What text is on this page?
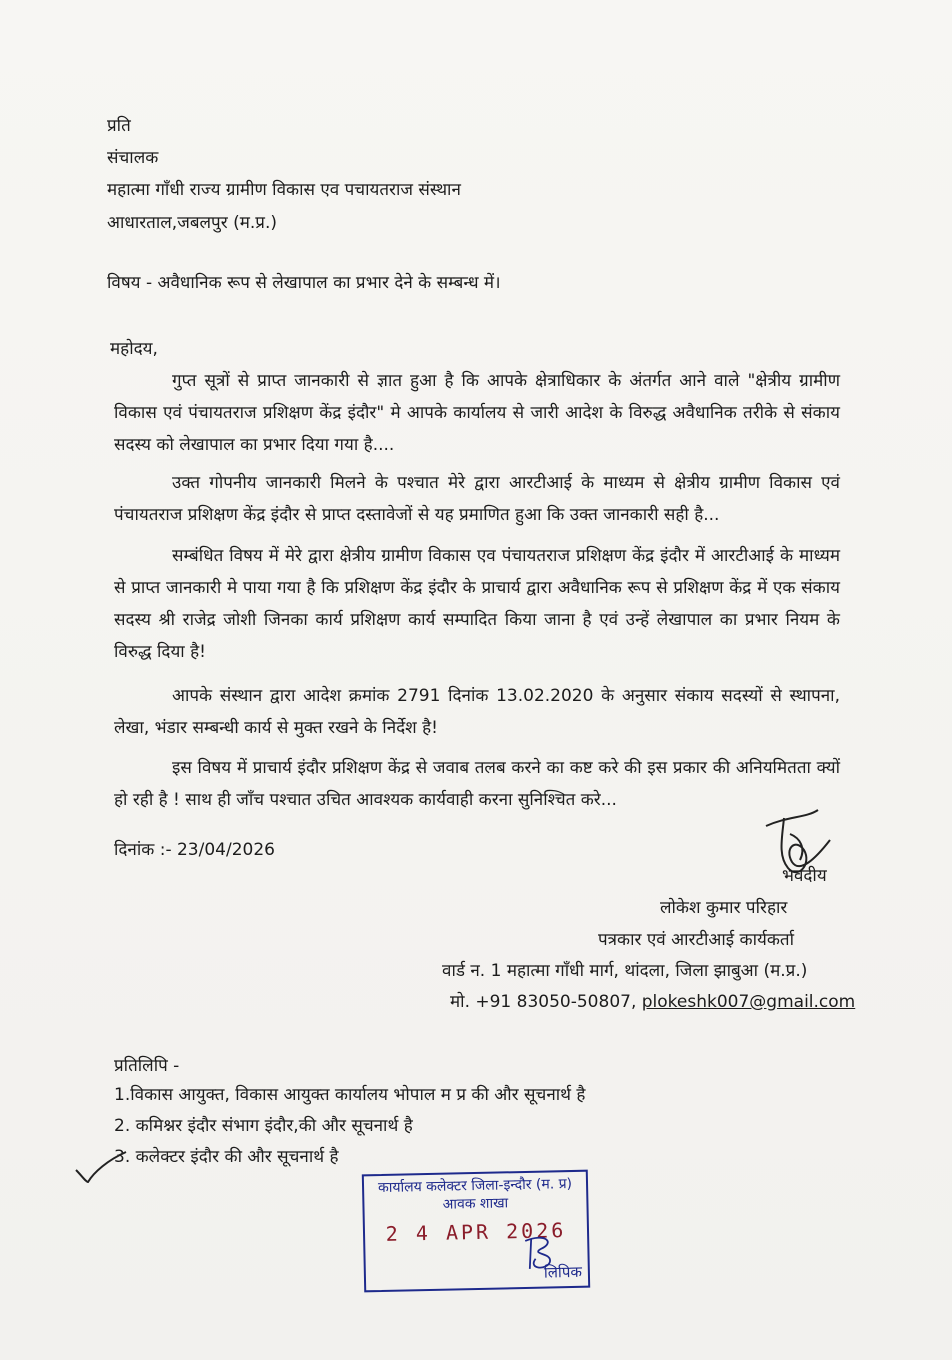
प्रति
संचालक
महात्मा गाँधी राज्य ग्रामीण विकास एव पचायतराज संस्थान
आधारताल,जबलपुर (म.प्र.)
विषय - अवैधानिक रूप से लेखापाल का प्रभार देने के सम्बन्ध में।
महोदय,
गुप्त सूत्रों से प्राप्त जानकारी से ज्ञात हुआ है कि आपके क्षेत्राधिकार के अंतर्गत आने वाले "क्षेत्रीय ग्रामीण विकास एवं पंचायतराज प्रशिक्षण केंद्र इंदौर" मे आपके कार्यालय से जारी आदेश के विरुद्ध अवैधानिक तरीके से संकाय सदस्य को लेखापाल का प्रभार दिया गया है....
उक्त गोपनीय जानकारी मिलने के पश्चात मेरे द्वारा आरटीआई के माध्यम से क्षेत्रीय ग्रामीण विकास एवं पंचायतराज प्रशिक्षण केंद्र इंदौर से प्राप्त दस्तावेजों से यह प्रमाणित हुआ कि उक्त जानकारी सही है...
सम्बंधित विषय में मेरे द्वारा क्षेत्रीय ग्रामीण विकास एव पंचायतराज प्रशिक्षण केंद्र इंदौर में आरटीआई के माध्यम से प्राप्त जानकारी मे पाया गया है कि प्रशिक्षण केंद्र इंदौर के प्राचार्य द्वारा अवैधानिक रूप से प्रशिक्षण केंद्र में एक संकाय सदस्य श्री राजेद्र जोशी जिनका कार्य प्रशिक्षण कार्य सम्पादित किया जाना है एवं उन्हें लेखापाल का प्रभार नियम के विरुद्ध दिया है!
आपके संस्थान द्वारा आदेश क्रमांक 2791 दिनांक 13.02.2020 के अनुसार संकाय सदस्यों से स्थापना, लेखा, भंडार सम्बन्धी कार्य से मुक्त रखने के निर्देश है!
इस विषय में प्राचार्य इंदौर प्रशिक्षण केंद्र से जवाब तलब करने का कष्ट करे की इस प्रकार की अनियमितता क्यों हो रही है ! साथ ही जाँच पश्चात उचित आवश्यक कार्यवाही करना सुनिश्चित करे...
दिनांक :- 23/04/2026
भवदीय
लोकेश कुमार परिहार
पत्रकार एवं आरटीआई कार्यकर्ता
वार्ड न. 1 महात्मा गाँधी मार्ग, थांदला, जिला झाबुआ (म.प्र.)
मो. +91 83050-50807, plokeshk007@gmail.com
प्रतिलिपि -
1.विकास आयुक्त, विकास आयुक्त कार्यालय भोपाल म प्र की और सूचनार्थ है
2. कमिश्नर इंदौर संभाग इंदौर,की और सूचनार्थ है
3. कलेक्टर इंदौर की और सूचनार्थ है
कार्यालय कलेक्टर जिला-इन्दौर (म. प्र)
आवक शाखा
2 4 APR 2026
लिपिक
